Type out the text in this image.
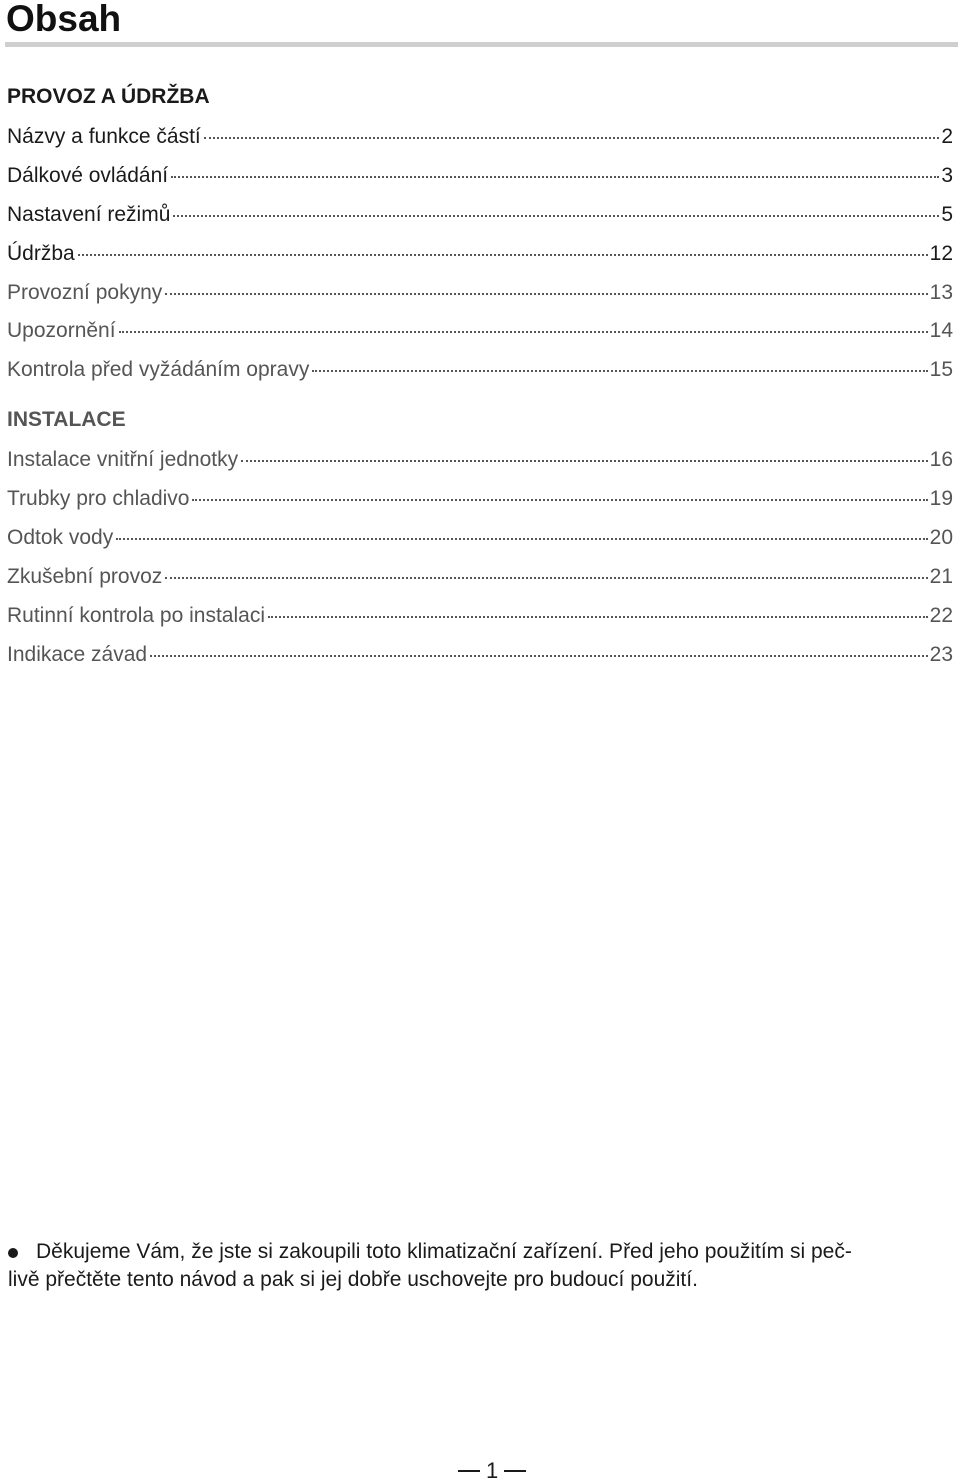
Obsah
PROVOZ A ÚDRŽBA
Názvy a funkce částí	2
Dálkové ovládání	3
Nastavení režimů	5
Údržba	12
Provozní pokyny	13
Upozornění	14
Kontrola před vyžádáním opravy	15
INSTALACE
Instalace vnitřní jednotky	16
Trubky pro chladivo	19
Odtok vody	20
Zkušební provoz	21
Rutinní kontrola po instalaci	22
Indikace závad	23
Děkujeme Vám, že jste si zakoupili toto klimatizační zařízení. Před jeho použitím si peč-
livě přečtěte tento návod a pak si jej dobře uschovejte pro budoucí použití.
1
